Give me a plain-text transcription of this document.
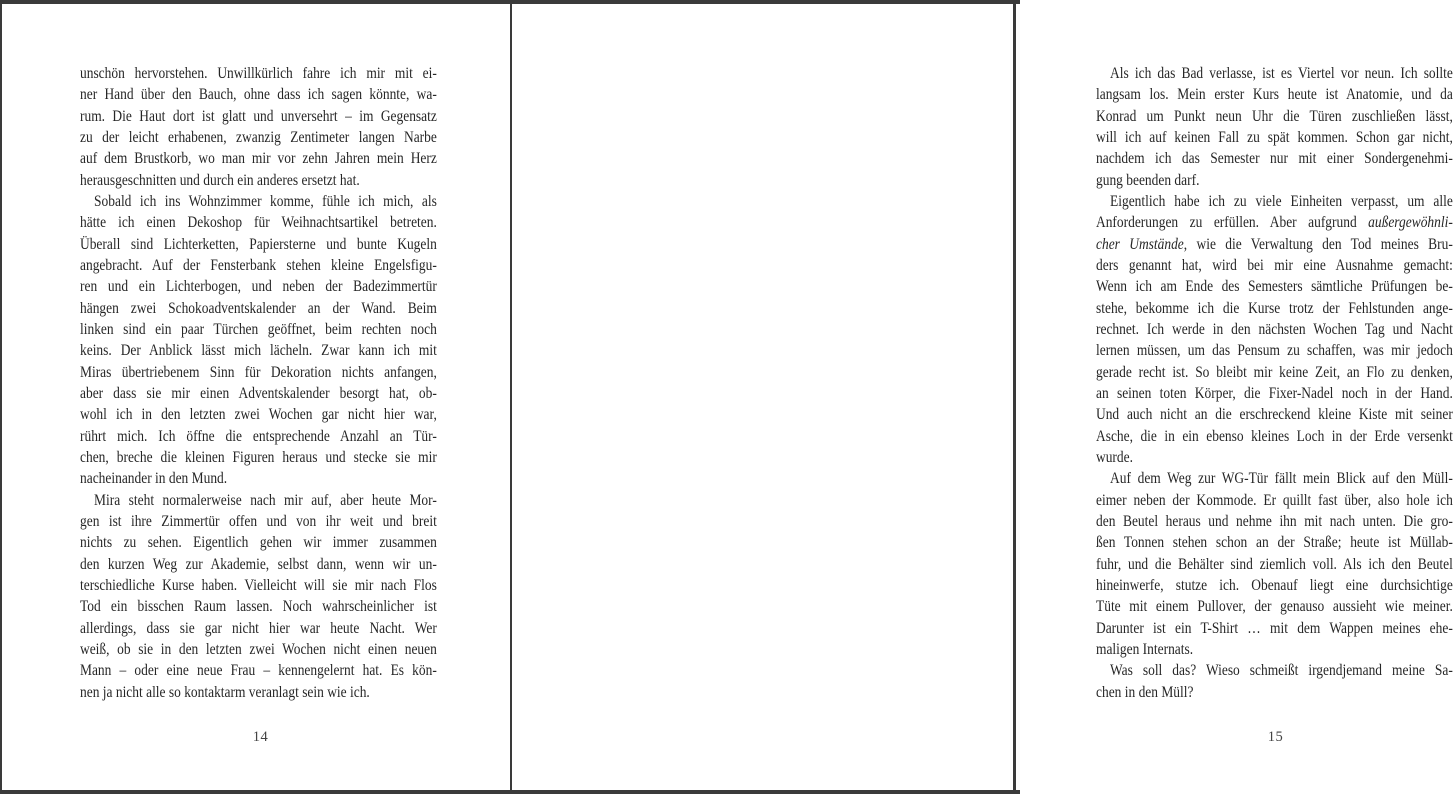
unschön hervorstehen. Unwillkürlich fahre ich mir mit ei-
ner Hand über den Bauch, ohne dass ich sagen könnte, wa-
rum. Die Haut dort ist glatt und unversehrt – im Gegensatz
zu der leicht erhabenen, zwanzig Zentimeter langen Narbe
auf dem Brustkorb, wo man mir vor zehn Jahren mein Herz
herausgeschnitten und durch ein anderes ersetzt hat.
Sobald ich ins Wohnzimmer komme, fühle ich mich, als
hätte ich einen Dekoshop für Weihnachtsartikel betreten.
Überall sind Lichterketten, Papiersterne und bunte Kugeln
angebracht. Auf der Fensterbank stehen kleine Engelsfigu-
ren und ein Lichterbogen, und neben der Badezimmertür
hängen zwei Schokoadventskalender an der Wand. Beim
linken sind ein paar Türchen geöffnet, beim rechten noch
keins. Der Anblick lässt mich lächeln. Zwar kann ich mit
Miras übertriebenem Sinn für Dekoration nichts anfangen,
aber dass sie mir einen Adventskalender besorgt hat, ob-
wohl ich in den letzten zwei Wochen gar nicht hier war,
rührt mich. Ich öffne die entsprechende Anzahl an Tür-
chen, breche die kleinen Figuren heraus und stecke sie mir
nacheinander in den Mund.
Mira steht normalerweise nach mir auf, aber heute Mor-
gen ist ihre Zimmertür offen und von ihr weit und breit
nichts zu sehen. Eigentlich gehen wir immer zusammen
den kurzen Weg zur Akademie, selbst dann, wenn wir un-
terschiedliche Kurse haben. Vielleicht will sie mir nach Flos
Tod ein bisschen Raum lassen. Noch wahrscheinlicher ist
allerdings, dass sie gar nicht hier war heute Nacht. Wer
weiß, ob sie in den letzten zwei Wochen nicht einen neuen
Mann – oder eine neue Frau – kennengelernt hat. Es kön-
nen ja nicht alle so kontaktarm veranlagt sein wie ich.
14
Als ich das Bad verlasse, ist es Viertel vor neun. Ich sollte
langsam los. Mein erster Kurs heute ist Anatomie, und da
Konrad um Punkt neun Uhr die Türen zuschließen lässt,
will ich auf keinen Fall zu spät kommen. Schon gar nicht,
nachdem ich das Semester nur mit einer Sondergenehmi-
gung beenden darf.
Eigentlich habe ich zu viele Einheiten verpasst, um alle
Anforderungen zu erfüllen. Aber aufgrund außergewöhnli-
cher Umstände, wie die Verwaltung den Tod meines Bru-
ders genannt hat, wird bei mir eine Ausnahme gemacht:
Wenn ich am Ende des Semesters sämtliche Prüfungen be-
stehe, bekomme ich die Kurse trotz der Fehlstunden ange-
rechnet. Ich werde in den nächsten Wochen Tag und Nacht
lernen müssen, um das Pensum zu schaffen, was mir jedoch
gerade recht ist. So bleibt mir keine Zeit, an Flo zu denken,
an seinen toten Körper, die Fixer-Nadel noch in der Hand.
Und auch nicht an die erschreckend kleine Kiste mit seiner
Asche, die in ein ebenso kleines Loch in der Erde versenkt
wurde.
Auf dem Weg zur WG-Tür fällt mein Blick auf den Müll-
eimer neben der Kommode. Er quillt fast über, also hole ich
den Beutel heraus und nehme ihn mit nach unten. Die gro-
ßen Tonnen stehen schon an der Straße; heute ist Müllab-
fuhr, und die Behälter sind ziemlich voll. Als ich den Beutel
hineinwerfe, stutze ich. Obenauf liegt eine durchsichtige
Tüte mit einem Pullover, der genauso aussieht wie meiner.
Darunter ist ein T-Shirt … mit dem Wappen meines ehe-
maligen Internats.
Was soll das? Wieso schmeißt irgendjemand meine Sa-
chen in den Müll?
15
